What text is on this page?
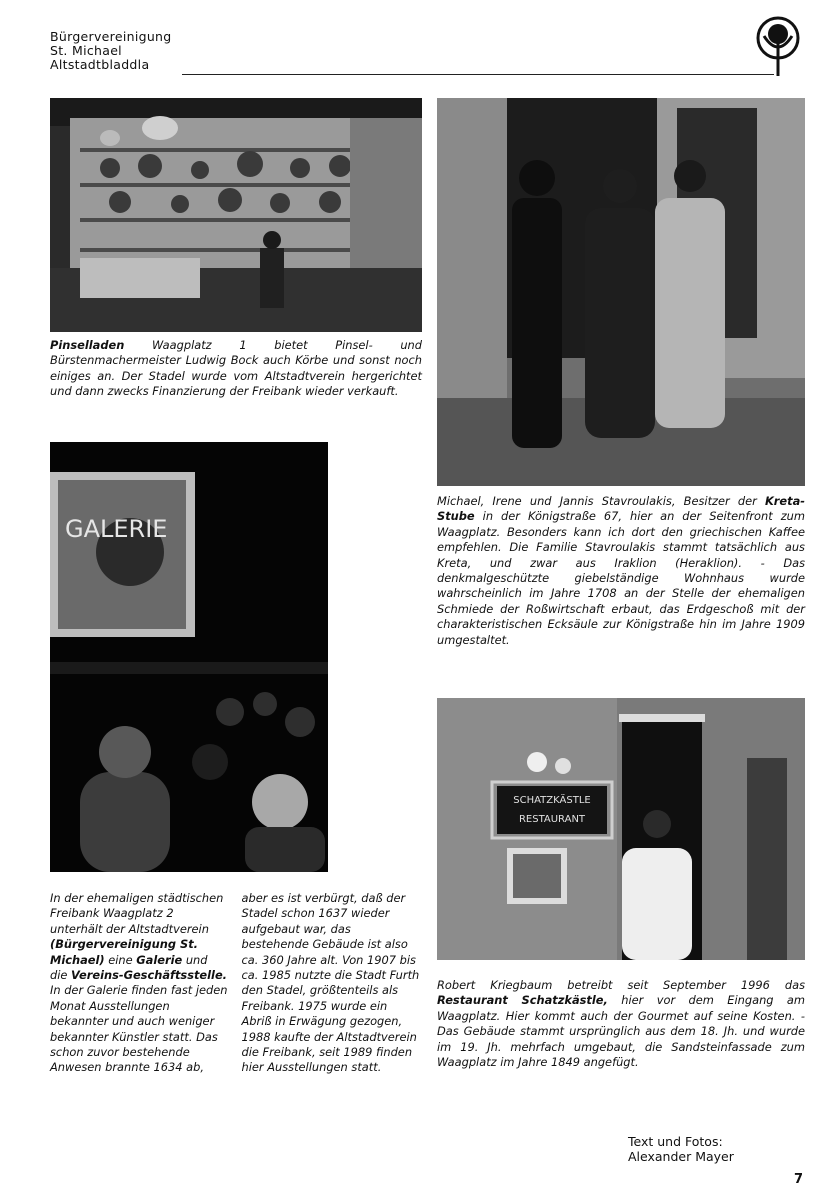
Bürgervereinigung
St. Michael
Altstadtbladdla
Pinselladen Waagplatz 1 bietet Pinsel- und Bürstenmachermeister Ludwig Bock auch Körbe und sonst noch einiges an. Der Stadel wurde vom Altstadtverein hergerichtet und dann zwecks Finanzierung der Freibank wieder verkauft.
Michael, Irene und Jannis Stavroulakis, Besitzer der Kreta-Stube in der Königstraße 67, hier an der Seitenfront zum Waagplatz. Besonders kann ich dort den griechischen Kaffee empfehlen. Die Familie Stavroulakis stammt tatsächlich aus Kreta, und zwar aus Iraklion (Heraklion). - Das denkmalgeschützte giebelständige Wohnhaus wurde wahrscheinlich im Jahre 1708 an der Stelle der ehemaligen Schmiede der Roßwirtschaft erbaut, das Erdgeschoß mit der charakteristischen Ecksäule zur Königstraße hin im Jahre 1909 umgestaltet.
GALERIE
In der ehemaligen städtischen Freibank Waagplatz 2 unterhält der Altstadtverein (Bürgervereinigung St. Michael) eine Galerie und die Vereins-Geschäftsstelle. In der Galerie finden fast jeden Monat Ausstellungen bekannter und auch weniger bekannter Künstler statt. Das schon zuvor bestehende Anwesen brannte 1634 ab, aber es ist verbürgt, daß der Stadel schon 1637 wieder aufgebaut war, das bestehende Gebäude ist also ca. 360 Jahre alt. Von 1907 bis ca. 1985 nutzte die Stadt Furth den Stadel, größtenteils als Freibank. 1975 wurde ein Abriß in Erwägung gezogen, 1988 kaufte der Altstadtverein die Freibank, seit 1989 finden hier Ausstellungen statt.
SCHATZKÄSTLE
RESTAURANT
Robert Kriegbaum betreibt seit September 1996 das Restaurant Schatzkästle, hier vor dem Eingang am Waagplatz. Hier kommt auch der Gourmet auf seine Kosten. - Das Gebäude stammt ursprünglich aus dem 18. Jh. und wurde im 19. Jh. mehrfach umgebaut, die Sandsteinfassade zum Waagplatz im Jahre 1849 angefügt.
Text und Fotos:
Alexander Mayer
7
